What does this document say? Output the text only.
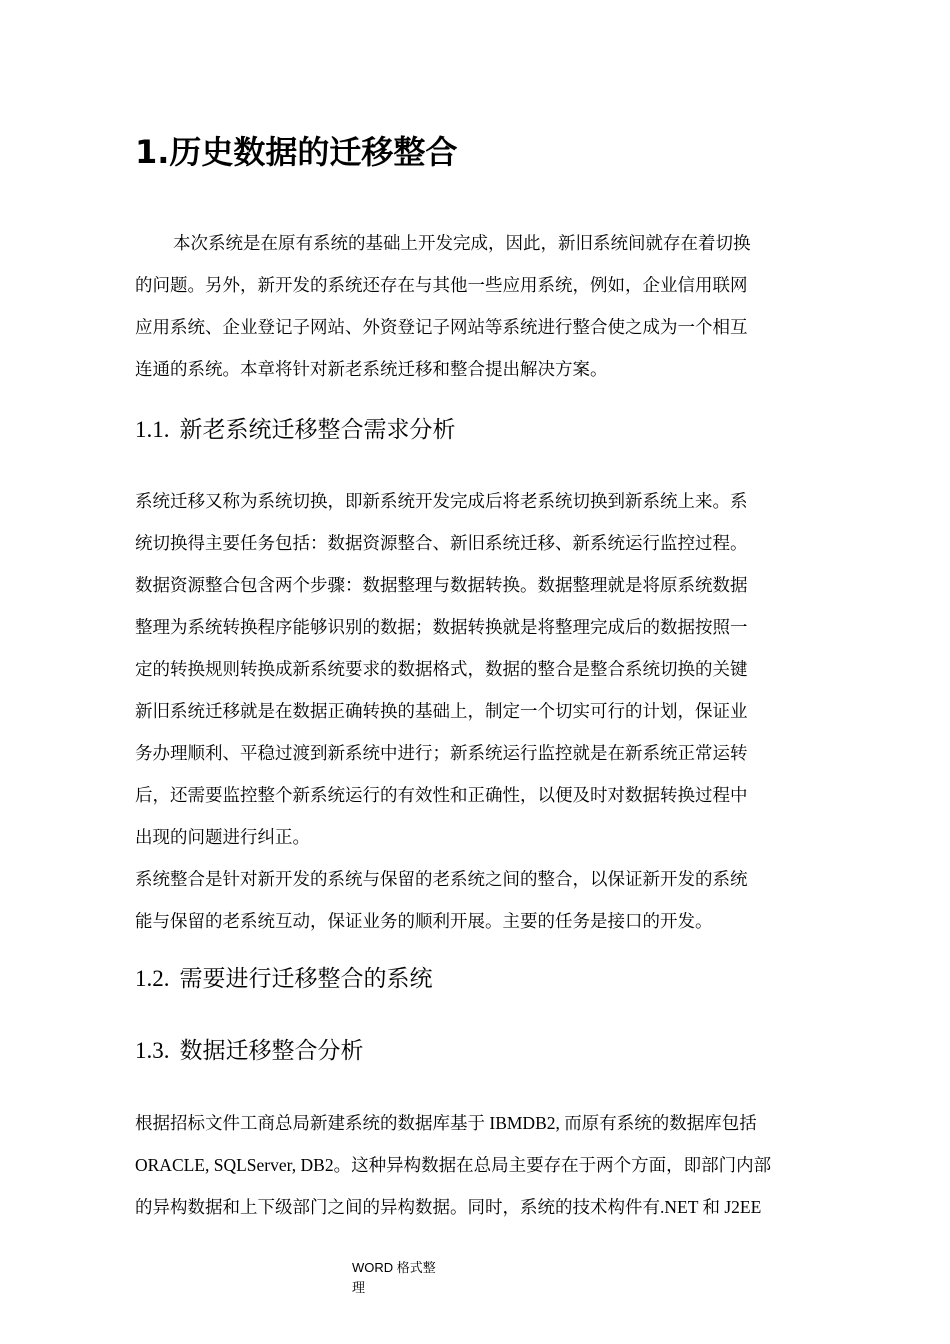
1.历史数据的迁移整合
本次系统是在原有系统的基础上开发完成，因此，新旧系统间就存在着切换
的问题。另外，新开发的系统还存在与其他一些应用系统，例如，企业信用联网
应用系统、企业登记子网站、外资登记子网站等系统进行整合使之成为一个相互
连通的系统。本章将针对新老系统迁移和整合提出解决方案。
1.1. 新老系统迁移整合需求分析
系统迁移又称为系统切换，即新系统开发完成后将老系统切换到新系统上来。系
统切换得主要任务包括：数据资源整合、新旧系统迁移、新系统运行监控过程。
数据资源整合包含两个步骤：数据整理与数据转换。数据整理就是将原系统数据
整理为系统转换程序能够识别的数据；数据转换就是将整理完成后的数据按照一
定的转换规则转换成新系统要求的数据格式，数据的整合是整合系统切换的关键
新旧系统迁移就是在数据正确转换的基础上，制定一个切实可行的计划，保证业
务办理顺利、平稳过渡到新系统中进行；新系统运行监控就是在新系统正常运转
后，还需要监控整个新系统运行的有效性和正确性，以便及时对数据转换过程中
出现的问题进行纠正。
系统整合是针对新开发的系统与保留的老系统之间的整合，以保证新开发的系统
能与保留的老系统互动，保证业务的顺利开展。主要的任务是接口的开发。
1.2. 需要进行迁移整合的系统
1.3. 数据迁移整合分析
根据招标文件工商总局新建系统的数据库基于 IBMDB2, 而原有系统的数据库包括
ORACLE, SQLServer, DB2。这种异构数据在总局主要存在于两个方面，即部门内部
的异构数据和上下级部门之间的异构数据。同时，系统的技术构件有.NET 和 J2EE
WORD 格式整
理
